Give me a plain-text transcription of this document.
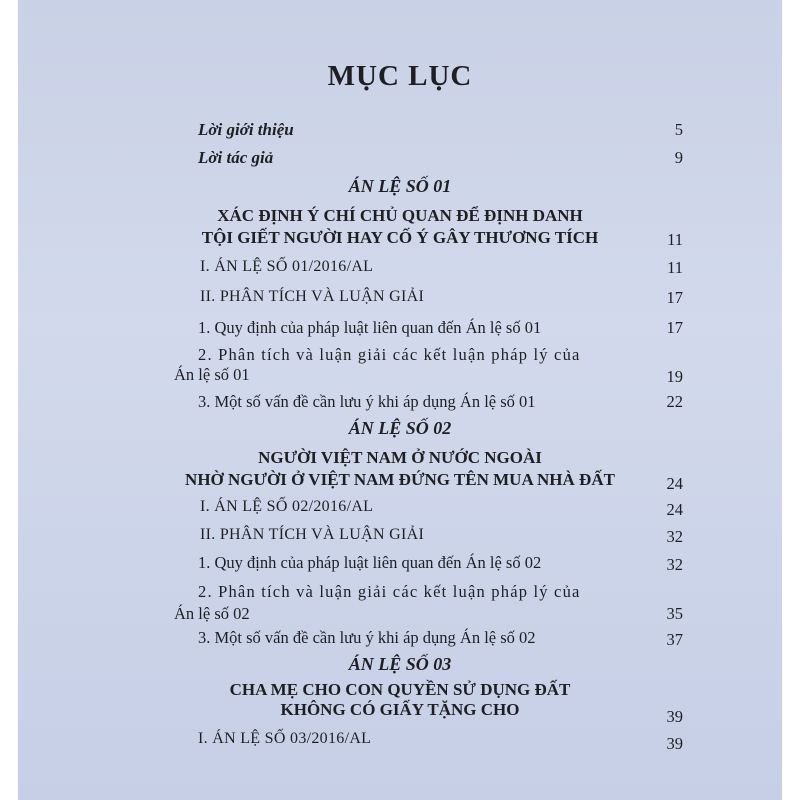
MỤC LỤC
Lời giới thiệu	5
Lời tác giả	9
ÁN LỆ SỐ 01
XÁC ĐỊNH Ý CHÍ CHỦ QUAN ĐỂ ĐỊNH DANH
TỘI GIẾT NGƯỜI HAY CỐ Ý GÂY THƯƠNG TÍCH	11
I. ÁN LỆ SỐ 01/2016/AL	11
II. PHÂN TÍCH VÀ LUẬN GIẢI	17
1. Quy định của pháp luật liên quan đến Án lệ số 01	17
2. Phân tích và luận giải các kết luận pháp lý của
Án lệ số 01	19
3. Một số vấn đề cần lưu ý khi áp dụng Án lệ số 01	22
ÁN LỆ SỐ 02
NGƯỜI VIỆT NAM Ở NƯỚC NGOÀI
NHỜ NGƯỜI Ở VIỆT NAM ĐỨNG TÊN MUA NHÀ ĐẤT	24
I. ÁN LỆ SỐ 02/2016/AL	24
II. PHÂN TÍCH VÀ LUẬN GIẢI	32
1. Quy định của pháp luật liên quan đến Án lệ số 02	32
2. Phân tích và luận giải các kết luận pháp lý của
Án lệ số 02	35
3. Một số vấn đề cần lưu ý khi áp dụng Án lệ số 02	37
ÁN LỆ SỐ 03
CHA MẸ CHO CON QUYỀN SỬ DỤNG ĐẤT
KHÔNG CÓ GIẤY TẶNG CHO	39
I. ÁN LỆ SỐ 03/2016/AL	39
